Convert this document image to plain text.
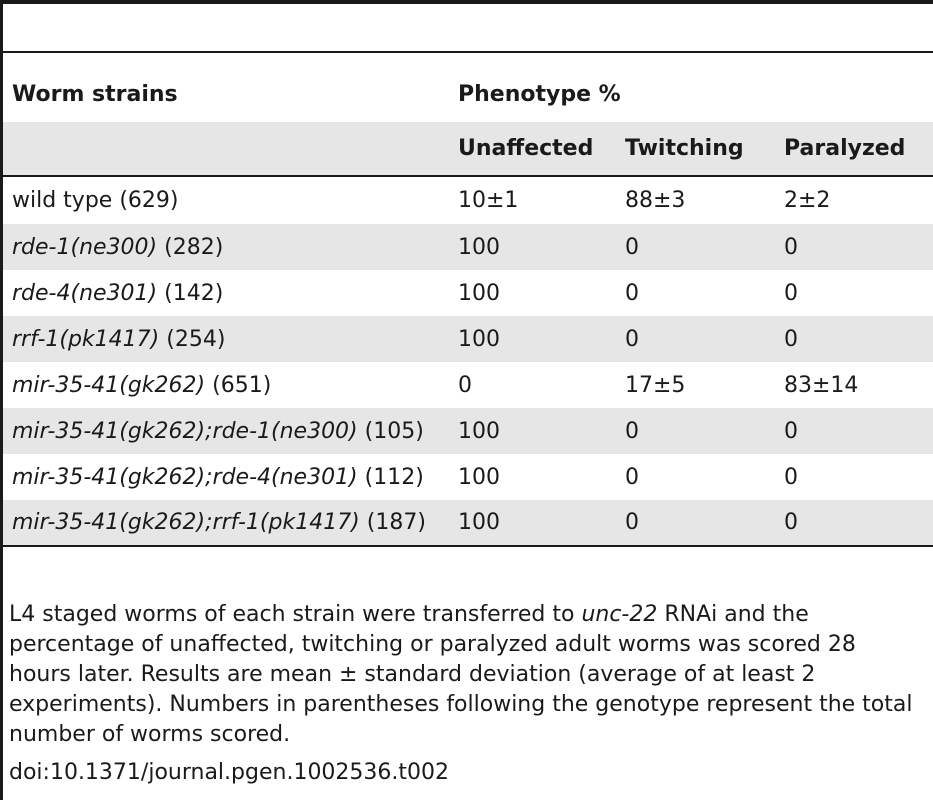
Worm strains	Phenotype %		
	Unaffected	Twitching	Paralyzed
wild type (629)	10±1	88±3	2±2
rde-1(ne300) (282)	100	0	0
rde-4(ne301) (142)	100	0	0
rrf-1(pk1417) (254)	100	0	0
mir-35-41(gk262) (651)	0	17±5	83±14
mir-35-41(gk262);rde-1(ne300) (105)	100	0	0
mir-35-41(gk262);rde-4(ne301) (112)	100	0	0
mir-35-41(gk262);rrf-1(pk1417) (187)	100	0	0
L4 staged worms of each strain were transferred to unc-22 RNAi and the percentage of unaffected, twitching or paralyzed adult worms was scored 28 hours later. Results are mean ± standard deviation (average of at least 2 experiments). Numbers in parentheses following the genotype represent the total number of worms scored.
doi:10.1371/journal.pgen.1002536.t002
